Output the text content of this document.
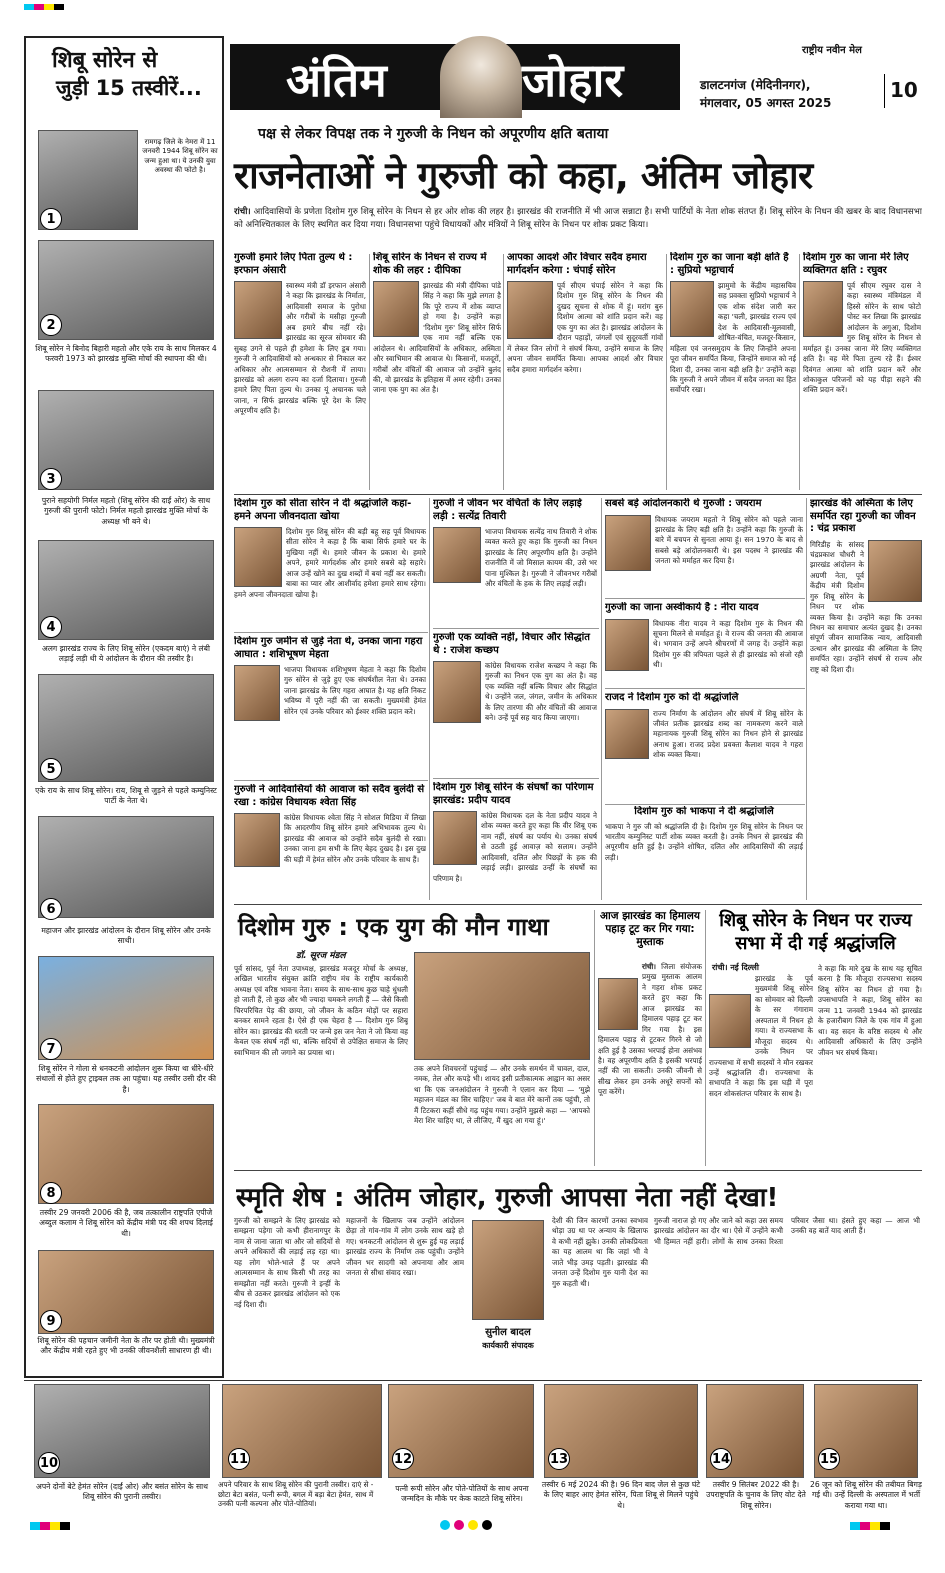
अंतिम	जोहार
राष्ट्रीय नवीन मेल
डालटनगंज (मेदिनीनगर),
मंगलवार, 05 अगस्त 2025
10
शिबू सोरेन से
जुड़ी 15 तस्वीरें...
1
रामगढ़ जिले के नेमरा में 11 जनवरी 1944 शिबू सोरेन का जन्म हुआ था। ये उनकी युवा अवस्था की फोटो है।
2
शिबू सोरेन ने बिनोद बिहारी महतो और एके राय के साथ मिलकर 4 फरवरी 1973 को झारखंड मुक्ति मोर्चा की स्थापना की थी।
3
पुराने सहयोगी निर्मल महतो (शिबू सोरेन की दाईं ओर) के साथ गुरुजी की पुरानी फोटो। निर्मल महतो झारखंड मुक्ति मोर्चा के अध्यक्ष भी बने थे।
4
अलग झारखंड राज्य के लिए शिबू सोरेन (एकदम बाएं) ने लंबी लड़ाई लड़ी थी ये आंदोलन के दौरान की तस्वीर है।
5
एके राय के साथ शिबू सोरेन। राय, शिबू से जुड़ने से पहले कम्युनिस्ट पार्टी के नेता थे।
6
महाजन और झारखंड आंदोलन के दौरान शिबू सोरेन और उनके साथी।
7
शिबू सोरेन ने गोला से धनकटनी आंदोलन शुरू किया था धीरे-धीरे संथालों से होते हुए ट्राइबल तक आ पहुंचा। यह तस्वीर उसी दौर की है।
8
तस्वीर 29 जनवरी 2006 की है, जब तत्कालीन राष्ट्रपति एपीजे अब्दुल कलाम ने शिबू सोरेन को केंद्रीय मंत्री पद की शपथ दिलाई थी।
9
शिबू सोरेन की पहचान जमीनी नेता के तौर पर होती थी। मुख्यमंत्री और केंद्रीय मंत्री रहते हुए भी उनकी जीवनशैली साधारण ही थी।
पक्ष से लेकर विपक्ष तक ने गुरुजी के निधन को अपूरणीय क्षति बताया
राजनेताओं ने गुरुजी को कहा, अंतिम जोहार
रांची। आदिवासियों के प्रणेता दिशोम गुरु शिबू सोरेन के निधन से हर ओर शोक की लहर है। झारखंड की राजनीति में भी आज सन्नाटा है। सभी पार्टियों के नेता शोक संतप्त हैं। शिबू सोरेन के निधन की खबर के बाद विधानसभा को अनिश्चितकाल के लिए स्थगित कर दिया गया। विधानसभा पहुंचे विधायकों और मंत्रियों ने शिबू सोरेन के निधन पर शोक प्रकट किया।
गुरुजी हमारे लिए पिता तुल्य थे : इरफान अंसारी
स्वास्थ्य मंत्री डॉ इरफान अंसारी ने कहा कि झारखंड के निर्माता, आदिवासी समाज के पुरोधा और गरीबों के मसीहा गुरुजी अब हमारे बीच नहीं रहे। झारखंड का सूरज सोमवार की सुबह उगने से पहले ही हमेशा के लिए डूब गया। गुरुजी ने आदिवासियों को अन्धकार से निकाल कर अधिकार और आत्मसम्मान से रौशनी में लाया। झारखंड को अलग राज्य का दर्जा दिलाया। गुरुजी हमारे लिए पिता तुल्य थे। उनका यूं अचानक चले जाना, न सिर्फ झारखंड बल्कि पूरे देश के लिए अपूरणीय क्षति है।
शिबू सोरेन के निधन से राज्य में शोक की लहर : दीपिका
झारखंड की मंत्री दीपिका पांडे सिंह ने कहा कि मुझे लगता है कि पूरे राज्य में शोक व्याप्त हो गया है। उन्होंने कहा 'दिशोम गुरु' शिबू सोरेन सिर्फ एक नाम नहीं बल्कि एक आंदोलन थे। आदिवासियों के अधिकार, अस्मिता और स्वाभिमान की आवाज थे। किसानों, मजदूरों, गरीबों और वंचितों की आवाज जो उन्होंने बुलंद की, वो झारखंड के इतिहास में अमर रहेगी। उनका जाना एक युग का अंत है।
आपका आदर्श और विचार सदैव हमारा मार्गदर्शन करेगा : चंपाई सोरेन
पूर्व सीएम चंपाई सोरेन ने कहा कि दिशोम गुरु शिबू सोरेन के निधन की दुखद सूचना से शोक में हूं। मरांग बुरु दिशोम आत्मा को शांति प्रदान करें। वह एक युग का अंत है। झारखंड आंदोलन के दौरान पहाड़ों, जंगलों एवं सुदूरवर्ती गांवों में लेकर जिन लोगों ने संघर्ष किया, उन्होंने समाज के लिए अपना जीवन समर्पित किया। आपका आदर्श और विचार सदैव हमारा मार्गदर्शन करेगा।
दिशोम गुरु का जाना बड़ी क्षति है : सुप्रियो भट्टाचार्य
झामुमो के केंद्रीय महासचिव सह प्रवक्ता सुप्रियो भट्टाचार्य ने एक शोक संदेश जारी कर कहा 'चली, झारखंड राज्य एवं देश के आदिवासी-मूलवासी, शोषित-वंचित, मजदूर-किसान, महिला एवं जनसमुदाय के लिए जिन्होंने अपना पूरा जीवन समर्पित किया, जिन्होंने समाज को नई दिशा दी, उनका जाना बड़ी क्षति है।' उन्होंने कहा कि गुरुजी ने अपने जीवन में सदैव जनता का हित सर्वोपरि रखा।
दिशोम गुरु का जाना मेरे लिए व्यक्तिगत क्षति : रघुवर
पूर्व सीएम रघुवर दास ने कहा स्वास्थ्य मंत्रिमंडल में हिस्से सोरेन के साथ फोटो पोस्ट कर लिखा कि झारखंड आंदोलन के अगुआ, दिशोम गुरु शिबू सोरेन के निधन से मर्माहत हूं। उनका जाना मेरे लिए व्यक्तिगत क्षति है। वह मेरे पिता तुल्य रहे हैं। ईश्वर दिवंगत आत्मा को शांति प्रदान करें और शोकाकुल परिजनों को यह पीड़ा सहने की शक्ति प्रदान करें।
दिशोम गुरु को सीता सोरेन ने दी श्रद्धांजलि कहा- हमने अपना जीवनदाता खोया
दिशोम गुरु शिबू सोरेन की बड़ी बहू सह पूर्व विधायक सीता सोरेन ने कहा है कि बाबा सिर्फ हमारे घर के मुखिया नहीं थे। हमारे जीवन के प्रकाश थे। हमारे अपने, हमारे मार्गदर्शक और हमारे सबसे बड़े सहारे। आज उन्हें खोने का दुख शब्दों में बयां नहीं कर सकती। बाबा का प्यार और आशीर्वाद हमेशा हमारे साथ रहेगा। हमने अपना जीवनदाता खोया है।
दिशोम गुरु जमीन से जुड़े नेता थे, उनका जाना गहरा आघात : शशिभूषण मेहता
भाजपा विधायक शशिभूषण मेहता ने कहा कि दिशोम गुरु सोरेन से जुड़े हुए एक संघर्षशील नेता थे। उनका जाना झारखंड के लिए गहरा आघात है। यह क्षति निकट भविष्य में पूरी नहीं की जा सकती। मुख्यमंत्री हेमंत सोरेन एवं उनके परिवार को ईश्वर शक्ति प्रदान करे।
गुरुजी ने आदिवासियों की आवाज को सदैव बुलंदी से रखा : कांग्रेस विधायक श्वेता सिंह
कांग्रेस विधायक श्वेता सिंह ने सोशल मिडिया में लिखा कि आदरणीय शिबू सोरेन हमारे अभिभावक तुल्य थे। झारखंड की आवाज को उन्होंने सदैव बुलंदी से रखा। उनका जाना हम सभी के लिए बेहद दुखद है। इस दुख की घड़ी में हेमंत सोरेन और उनके परिवार के साथ हैं।
गुरुजी ने जीवन भर वंचितों के लिए लड़ाई लड़ी : सत्येंद्र तिवारी
भाजपा विधायक सत्येंद्र नाथ तिवारी ने शोक व्यक्त करते हुए कहा कि गुरुजी का निधन झारखंड के लिए अपूरणीय क्षति है। उन्होंने राजनीति में जो मिसाल कायम की, उसे भर पाना मुश्किल है। गुरुजी ने जीवनभर गरीबों और वंचितों के हक के लिए लड़ाई लड़ी।
गुरुजी एक व्यक्ति नहीं, विचार और सिद्धांत थे : राजेश कच्छप
कांग्रेस विधायक राजेश कच्छप ने कहा कि गुरुजी का निधन एक युग का अंत है। वह एक व्यक्ति नहीं बल्कि विचार और सिद्धांत थे। उन्होंने जल, जंगल, जमीन के अधिकार के लिए तारणा की और वंचितों की आवाज बने। उन्हें पूर्व सह याद किया जाएगा।
दिशोम गुरु शिबू सोरेन के संघर्षों का परिणाम झारखंड: प्रदीप यादव
कांग्रेस विधायक दल के नेता प्रदीप यादव ने शोक व्यक्त करते हुए कहा कि वीर शिबू एक नाम नहीं, संघर्ष का पर्याय थे। उनका संघर्ष से उठती हुई आवाज़ को सलाम। उन्होंने आदिवासी, दलित और पिछड़ों के हक की लड़ाई लड़ी। झारखंड उन्हीं के संघर्षों का परिणाम है।
सबसे बड़े आंदोलनकारी थे गुरुजी : जयराम
विधायक जयराम महतो ने शिबू सोरेन को पहले जाना झारखंड के लिए बड़ी क्षति है। उन्होंने कहा कि गुरुजी के बारे में बचपन से सुनता आया हूं। सन 1970 के बाद से सबसे बड़े आंदोलनकारी थे। इस पदस्थ ने झारखंड की जनता को मर्माहत कर दिया है।
गुरुजी का जाना अस्वीकार्य है : नीरा यादव
विधायक नीरा यादव ने कहा दिशोम गुरु के निधन की सूचना मिलने से मर्माहत हूं। वे राज्य की जनता की आवाज थे। भगवान उन्हें अपने श्रीचरणों में जगह दें। उन्होंने कहा दिशोम गुरु की त्रपियता पहले से ही झारखंड को संजो रही थी।
राजद ने दिशोम गुरु को दी श्रद्धांजलि
राज्य निर्माण के आंदोलन और संघर्ष में शिबू सोरेन के जीवंत प्रतीक झारखंड शब्द का नामकरण करने वाले महानायक गुरुजी शिबू सोरेन का निधन होने से झारखंड अनाथ हुआ। राजद प्रदेश प्रवक्ता कैलाश यादव ने गहरा शोक व्यक्त किया।
दिशोम गुरु को भाकपा ने दी श्रद्धांजलि
भाकपा ने गुरु जी को श्रद्धांजलि दी है। दिशोम गुरु शिबू सोरेन के निधन पर भारतीय कम्युनिस्ट पार्टी शोक व्यक्त करती है। उनके निधन से झारखंड की अपूरणीय क्षति हुई है। उन्होंने शोषित, दलित और आदिवासियों की लड़ाई लड़ी।
झारखंड की अस्मिता के लिए समर्पित रहा गुरुजी का जीवन : चंद्र प्रकाश
गिरिडीह के सांसद चंद्रप्रकाश चौधरी ने झारखंड आंदोलन के अग्रणी नेता, पूर्व केंद्रीय मंत्री दिशोम गुरु शिबू सोरेन के निधन पर शोक व्यक्त किया है। उन्होंने कहा कि उनका निधन का समाचार अत्यंत दुखद है। उनका संपूर्ण जीवन सामाजिक न्याय, आदिवासी उत्थान और झारखंड की अस्मिता के लिए समर्पित रहा। उन्होंने संघर्ष से राज्य और राष्ट्र को दिशा दी।
दिशोम गुरु : एक युग की मौन गाथा
डॉ. सूरज मंडल
पूर्व सांसद, पूर्व नेता उपाध्यक्ष, झारखंड मजदूर मोर्चा के अध्यक्ष, अखिल भारतीय संयुक्त क्रांति राष्ट्रीय मंच के राष्ट्रीय कार्यकारी अध्यक्ष एवं वरिष्ठ भावना नेता। समय के साथ-साथ कुछ चाहे धुंधली हो जाती हैं, तो कुछ और भी ज्यादा चमकने लगती हैं — जैसे किसी चिरपरिचित पेड़ की छाया, जो जीवन के कठिन मोड़ों पर सहारा बनकर सामने रहता है। ऐसे ही एक चेहरा है — दिशोम गुरु शिबू सोरेन का। झारखंड की धरती पर जन्मे इस जन नेता ने जो किया वह केवल एक संघर्ष नहीं था, बल्कि सदियों से उपेक्षित समाज के लिए स्वाभिमान की लौ जगाने का प्रयास था।
तक अपने शिवचरनों पहुंचाई — और उनके समर्थन में चावल, दाल, नमक, तेल और कपड़े भी। शायद इसी प्रतीकात्मक आह्वान का असर था कि एक जनआंदोलन ने गुरुजी ने एलान कर दिया — 'मुझे महाजन मंडल का सिर चाहिए।' जब वे बात मेरे कानों तक पहुंची, तो मैं टिटकरा कहीं सीधे गढ़ पहुंच गया। उन्होंने मुझसे कहा — 'आपको मेरा शिर चाहिए था, ले लीजिए, मैं खुद आ गया हूं।'
आज झारखंड का हिमालय पहाड़ टूट कर गिर गया: मुस्ताक
रांची। जिला संयोजक प्रमुख मुस्ताक आलम ने गहरा शोक प्रकट करते हुए कहा कि आज झारखंड का हिमालय पहाड़ टूट कर गिर गया है। इस हिमालय पहाड़ से टूटकर गिरने से जो क्षति हुई है उसका भरपाई होना असंभव है। वह अपूरणीय क्षति है इसकी भरपाई नहीं की जा सकती। उनकी जीवनी से सीख लेकर हम उनके अधूरे सपनों को पूरा करेंगे।
शिबू सोरेन के निधन पर राज्य सभा में दी गई श्रद्धांजलि
रांची। नई दिल्ली
झारखंड के पूर्व मुख्यमंत्री शिबू सोरेन का सोमवार को दिल्ली के सर गंगाराम अस्पताल में निधन हो गया। वे राज्यसभा के मौजूदा सदस्य थे। उनके निधन पर राज्यसभा में सभी सदस्यों ने मौन रखकर उन्हें श्रद्धांजलि दी। राज्यसभा के सभापति ने कहा कि इस घड़ी में पूरा सदन शोकसंतप्त परिवार के साथ है।
ने कहा कि मारे दुख के साथ यह सूचित करना है कि मौजूदा राज्यसभा सदस्य शिबू सोरेन का निधन हो गया है। उपसभापति ने कहा, शिबू सोरेन का जन्म 11 जनवरी 1944 को झारखंड के हजारीबाग जिले के एक गांव में हुआ था। वह सदन के वरिष्ठ सदस्य थे और आदिवासी अधिकारों के लिए उन्होंने जीवन भर संघर्ष किया।
स्मृति शेष : अंतिम जोहार, गुरुजी आपसा नेता नहीं देखा!
गुरुजी को समझने के लिए झारखंड को समझना पड़ेगा जो कभी हीरानागपुर के नाम से जाना जाता था और जो सदियों से अपने अधिकारों की लड़ाई लड़ रहा था। यह लोग भोले-भाले हैं पर अपने आत्मसम्मान के साथ किसी भी तरह का समझौता नहीं करते। गुरुजी ने इन्हीं के बीच से उठकर झारखंड आंदोलन को एक नई दिशा दी।
महाजनों के खिलाफ जब उन्होंने आंदोलन छेड़ा तो गांव-गांव में लोग उनके साथ खड़े हो गए। धनकटनी आंदोलन से शुरू हुई यह लड़ाई झारखंड राज्य के निर्माण तक पहुंची। उन्होंने जीवन भर सादगी को अपनाया और आम जनता से सीधा संवाद रखा।
सुनील बादल
कार्यकारी संपादक
देशी की जिन कारणों उनका स्वभाव थोड़ा उग्र था पर अन्याय के खिलाफ वे कभी नहीं झुके। उनकी लोकप्रियता का यह आलम था कि जहां भी वे जाते भीड़ उमड़ पड़ती। झारखंड की जनता उन्हें दिशोम गुरु यानी देश का गुरु कहती थी।
गुरुजी नाराज हो गए और जाने को कहा उस समय झारखंड आंदोलन का दौर था। ऐसे में उन्होंने कभी भी हिम्मत नहीं हारी। लोगों के साथ उनका रिश्ता परिवार जैसा था। हंसते हुए कहा — आज भी उनकी वह बातें याद आती हैं।
10
अपने दोनों बेटे हेमंत सोरेन (दाईं ओर) और बसंत सोरेन के साथ शिबू सोरेन की पुरानी तस्वीर।
11
अपने परिवार के साथ शिबू सोरेन की पुरानी तस्वीर। दाएं से - छोटा बेटा बसंत, पत्नी रूपी, बगल में बड़ा बेटा हेमंत, साथ में उनकी पत्नी कल्पना और पोते-पोतियां।
12
पत्नी रूपी सोरेन और पोते-पोतियों के साथ अपना जन्मदिन के मौके पर केक काटते शिबू सोरेन।
13
तस्वीर 6 मई 2024 की है। 96 दिन बाद जेल से कुछ घंटे के लिए बाहर आए हेमंत सोरेन, पिता शिबू से मिलने पहुंचे थे।
14
तस्वीर 9 सितंबर 2022 की है। उपराष्ट्रपति के चुनाव के लिए वोट देते शिबू सोरेन।
15
26 जून को शिबू सोरेन की तबीयत बिगड़ गई थी। उन्हें दिल्ली के अस्पताल में भर्ती कराया गया था।
